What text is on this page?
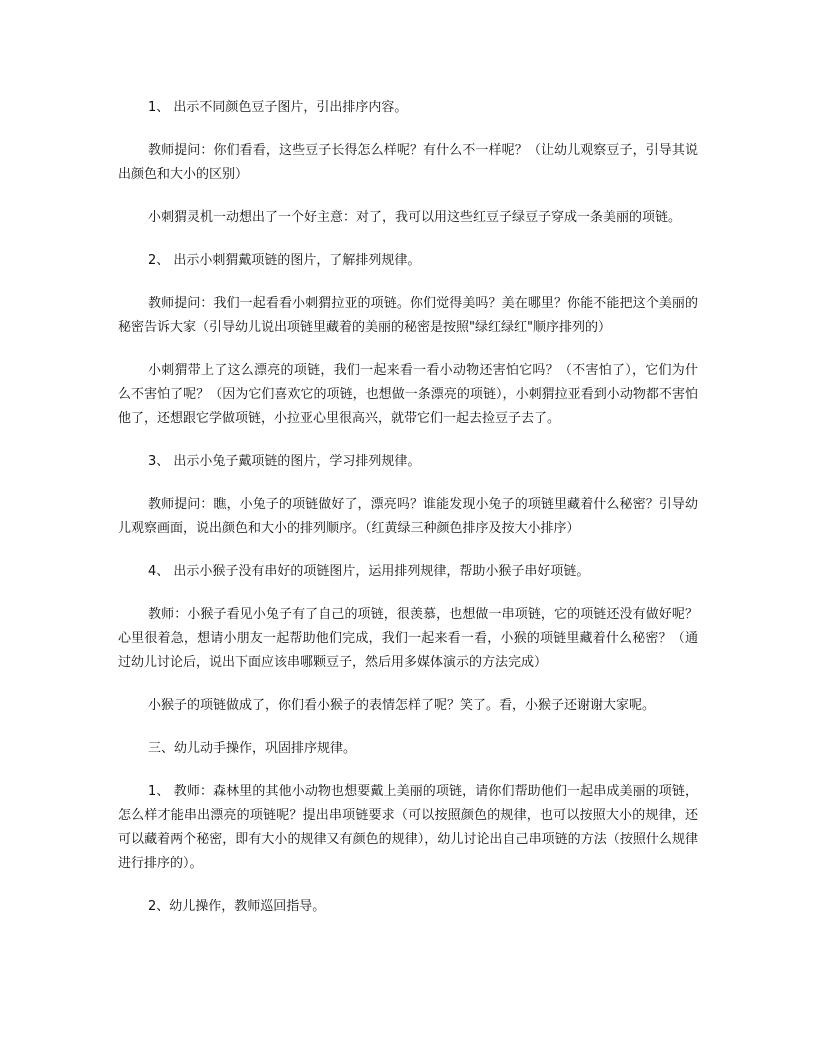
1、 出示不同颜色豆子图片，引出排序内容。

教师提问：你们看看，这些豆子长得怎么样呢？有什么不一样呢？（让幼儿观察豆子，引导其说出颜色和大小的区别）

小刺猬灵机一动想出了一个好主意：对了，我可以用这些红豆子绿豆子穿成一条美丽的项链。

2、 出示小刺猬戴项链的图片，了解排列规律。

教师提问：我们一起看看小刺猬拉亚的项链。你们觉得美吗？美在哪里？你能不能把这个美丽的秘密告诉大家（引导幼儿说出项链里藏着的美丽的秘密是按照"绿红绿红"顺序排列的）

小刺猬带上了这么漂亮的项链，我们一起来看一看小动物还害怕它吗？（不害怕了），它们为什么不害怕了呢？（因为它们喜欢它的项链，也想做一条漂亮的项链），小刺猬拉亚看到小动物都不害怕他了，还想跟它学做项链，小拉亚心里很高兴，就带它们一起去捡豆子去了。

3、 出示小兔子戴项链的图片，学习排列规律。

教师提问：瞧，小兔子的项链做好了，漂亮吗？谁能发现小兔子的项链里藏着什么秘密？引导幼儿观察画面，说出颜色和大小的排列顺序。（红黄绿三种颜色排序及按大小排序）

4、 出示小猴子没有串好的项链图片，运用排列规律，帮助小猴子串好项链。

教师：小猴子看见小兔子有了自己的项链，很羡慕，也想做一串项链，它的项链还没有做好呢？心里很着急，想请小朋友一起帮助他们完成，我们一起来看一看，小猴的项链里藏着什么秘密？（通过幼儿讨论后，说出下面应该串哪颗豆子，然后用多媒体演示的方法完成）

小猴子的项链做成了，你们看小猴子的表情怎样了呢？笑了。看，小猴子还谢谢大家呢。

三、幼儿动手操作，巩固排序规律。

1、 教师：森林里的其他小动物也想要戴上美丽的项链，请你们帮助他们一起串成美丽的项链，怎么样才能串出漂亮的项链呢？提出串项链要求（可以按照颜色的规律，也可以按照大小的规律，还可以藏着两个秘密，即有大小的规律又有颜色的规律），幼儿讨论出自己串项链的方法（按照什么规律进行排序的）。

2、幼儿操作，教师巡回指导。
